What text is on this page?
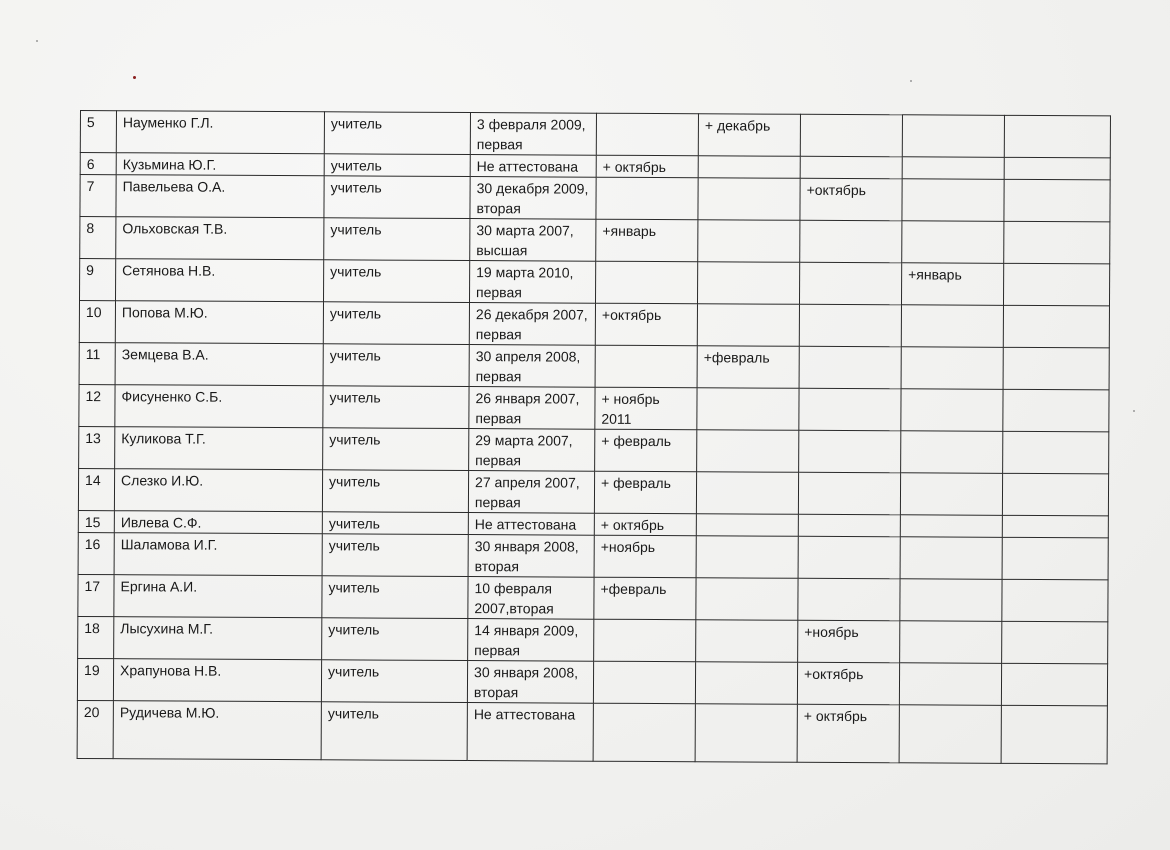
5	Науменко Г.Л.	учитель	3 февраля 2009, первая		+ декабрь			
6	Кузьмина Ю.Г.	учитель	Не аттестована	+ октябрь				
7	Павельева О.А.	учитель	30 декабря 2009, вторая			+октябрь		
8	Ольховская Т.В.	учитель	30 марта 2007, высшая	+январь				
9	Сетянова Н.В.	учитель	19 марта 2010, первая				+январь	
10	Попова М.Ю.	учитель	26 декабря 2007, первая	+октябрь				
11	Земцева В.А.	учитель	30 апреля 2008, первая		+февраль			
12	Фисуненко С.Б.	учитель	26 января 2007, первая	+ ноябрь 2011				
13	Куликова Т.Г.	учитель	29 марта 2007, первая	+ февраль				
14	Слезко И.Ю.	учитель	27 апреля 2007, первая	+ февраль				
15	Ивлева С.Ф.	учитель	Не аттестована	+ октябрь				
16	Шаламова И.Г.	учитель	30 января 2008, вторая	+ноябрь				
17	Ергина А.И.	учитель	10 февраля 2007,вторая	+февраль				
18	Лысухина М.Г.	учитель	14 января 2009, первая			+ноябрь		
19	Храпунова Н.В.	учитель	30 января 2008, вторая			+октябрь		
20	Рудичева М.Ю.	учитель	Не аттестована			+ октябрь		
